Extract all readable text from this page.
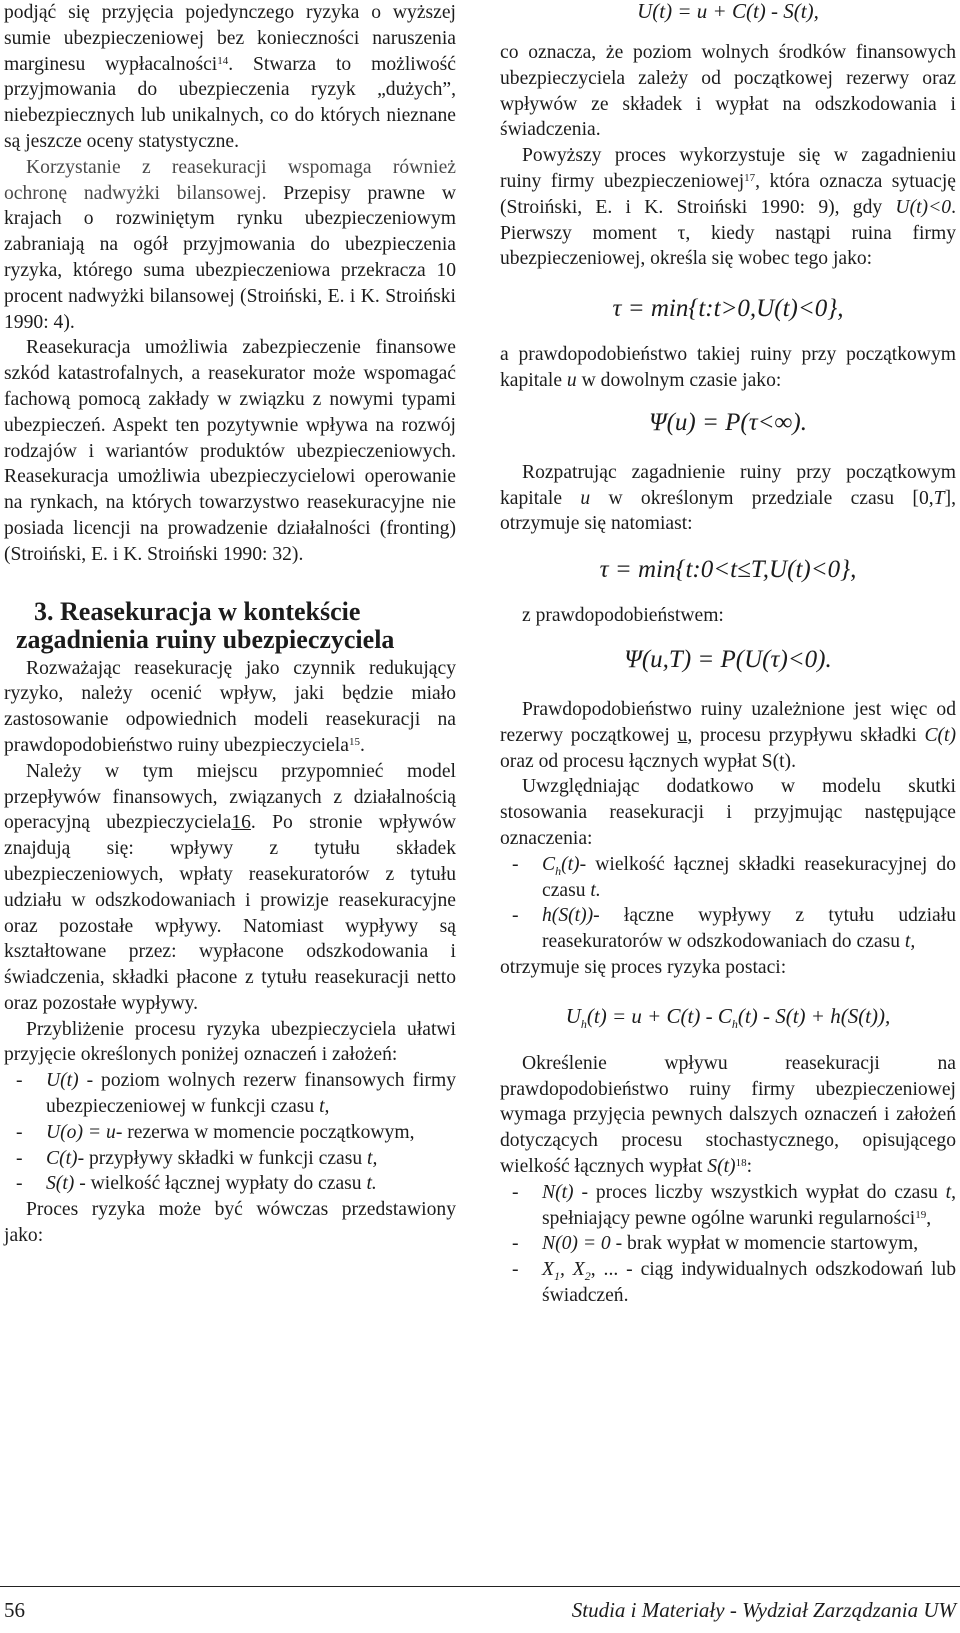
podjąć się przyjęcia pojedynczego ryzyka o wyższej sumie ubezpieczeniowej bez konieczności naruszenia marginesu wypłacalności$^{14}$. Stwarza to możliwość przyjmowania do ubezpieczenia ryzyk „dużych”, niebezpiecznych lub unikalnych, co do których nieznane są jeszcze oceny statystyczne.

Korzystanie z reasekuracji wspomaga również ochronę nadwyżki bilansowej. Przepisy prawne w krajach o rozwiniętym rynku ubezpieczeniowym zabraniają na ogół przyjmowania do ubezpieczenia ryzyka, którego suma ubezpieczeniowa przekracza 10 procent nadwyżki bilansowej (Stroiński, E. i K. Stroiński 1990: 4).

Reasekuracja umożliwia zabezpieczenie finansowe szkód katastrofalnych, a reasekurator może wspomagać fachową pomocą zakłady w związku z nowymi typami ubezpieczeń. Aspekt ten pozytywnie wpływa na rozwój rodzajów i wariantów produktów ubezpieczeniowych. Reasekuracja umożliwia ubezpieczycielowi operowanie na rynkach, na których towarzystwo reasekuracyjne nie posiada licencji na prowadzenie działalności (fronting) (Stroiński, E. i K. Stroiński 1990: 32).

3. Reasekuracja w kontekście zagadnienia ruiny ubezpieczyciela

Rozważając reasekurację jako czynnik redukujący ryzyko, należy ocenić wpływ, jaki będzie miało zastosowanie odpowiednich modeli reasekuracji na prawdopodobieństwo ruiny ubezpieczyciela$^{15}$.

Należy w tym miejscu przypomnieć model przepływów finansowych, związanych z działalnością operacyjną ubezpieczyciela16. Po stronie wpływów znajdują się: wpływy z tytułu składek ubezpieczeniowych, wpłaty reasekuratorów z tytułu udziału w odszkodowaniach i prowizje reasekuracyjne oraz pozostałe wpływy. Natomiast wypływy są kształtowane przez: wypłacone odszkodowania i świadczenia, składki płacone z tytułu reasekuracji netto oraz pozostałe wypływy.

Przybliżenie procesu ryzyka ubezpieczyciela ułatwi przyjęcie określonych poniżej oznaczeń i założeń:

- U(t) - poziom wolnych rezerw finansowych firmy ubezpieczeniowej w funkcji czasu t,
- U(o) = u- rezerwa w momencie początkowym,
- C(t)- przypływy składki w funkcji czasu t,
- S(t) - wielkość łącznej wypłaty do czasu t.

Proces ryzyka może być wówczas przedstawiony jako:

U(t) = u + C(t) - S(t),

co oznacza, że poziom wolnych środków finansowych ubezpieczyciela zależy od początkowej rezerwy oraz wpływów ze składek i wypłat na odszkodowania i świadczenia.

Powyższy proces wykorzystuje się w zagadnieniu ruiny firmy ubezpieczeniowej$^{17}$, która oznacza sytuację (Stroiński, E. i K. Stroiński 1990: 9), gdy U(t)<0. Pierwszy moment τ, kiedy nastąpi ruina firmy ubezpieczeniowej, określa się wobec tego jako:

τ = min{t:t>0,U(t)<0},

a prawdopodobieństwo takiej ruiny przy początkowym kapitale u w dowolnym czasie jako:

Ψ(u) = P(τ<∞).

Rozpatrując zagadnienie ruiny przy początkowym kapitale u w określonym przedziale czasu [0,T], otrzymuje się natomiast:

τ = min{t:0<t≤T,U(t)<0},

z prawdopodobieństwem:

Ψ(u,T) = P(U(τ)<0).

Prawdopodobieństwo ruiny uzależnione jest więc od rezerwy początkowej u, procesu przypływu składki C(t) oraz od procesu łącznych wypłat S(t).

Uwzględniając dodatkowo w modelu skutki stosowania reasekuracji i przyjmując następujące oznaczenia:

- $C_h(t)-$ wielkość łącznej składki reasekuracyjnej do czasu t.
- h(S(t))- łączne wypływy z tytułu udziału reasekuratorów w odszkodowaniach do czasu t,

otrzymuje się proces ryzyka postaci:

$U_h(t) = u + C(t) - C_h(t) - S(t) + h(S(t))$,

Określenie wpływu reasekuracji na prawdopodobieństwo ruiny firmy ubezpieczeniowej wymaga przyjęcia pewnych dalszych oznaczeń i założeń dotyczących procesu stochastycznego, opisującego wielkość łącznych wypłat $S(t)^{18}$:

- N(t) - proces liczby wszystkich wypłat do czasu t, spełniający pewne ogólne warunki regularności$^{19}$,
- N(0) = 0 - brak wypłat w momencie startowym,
- $X_1$, $X_2$, ... - ciąg indywidualnych odszkodowań lub świadczeń.
56	Studia i Materiały - Wydział Zarządzania UW
